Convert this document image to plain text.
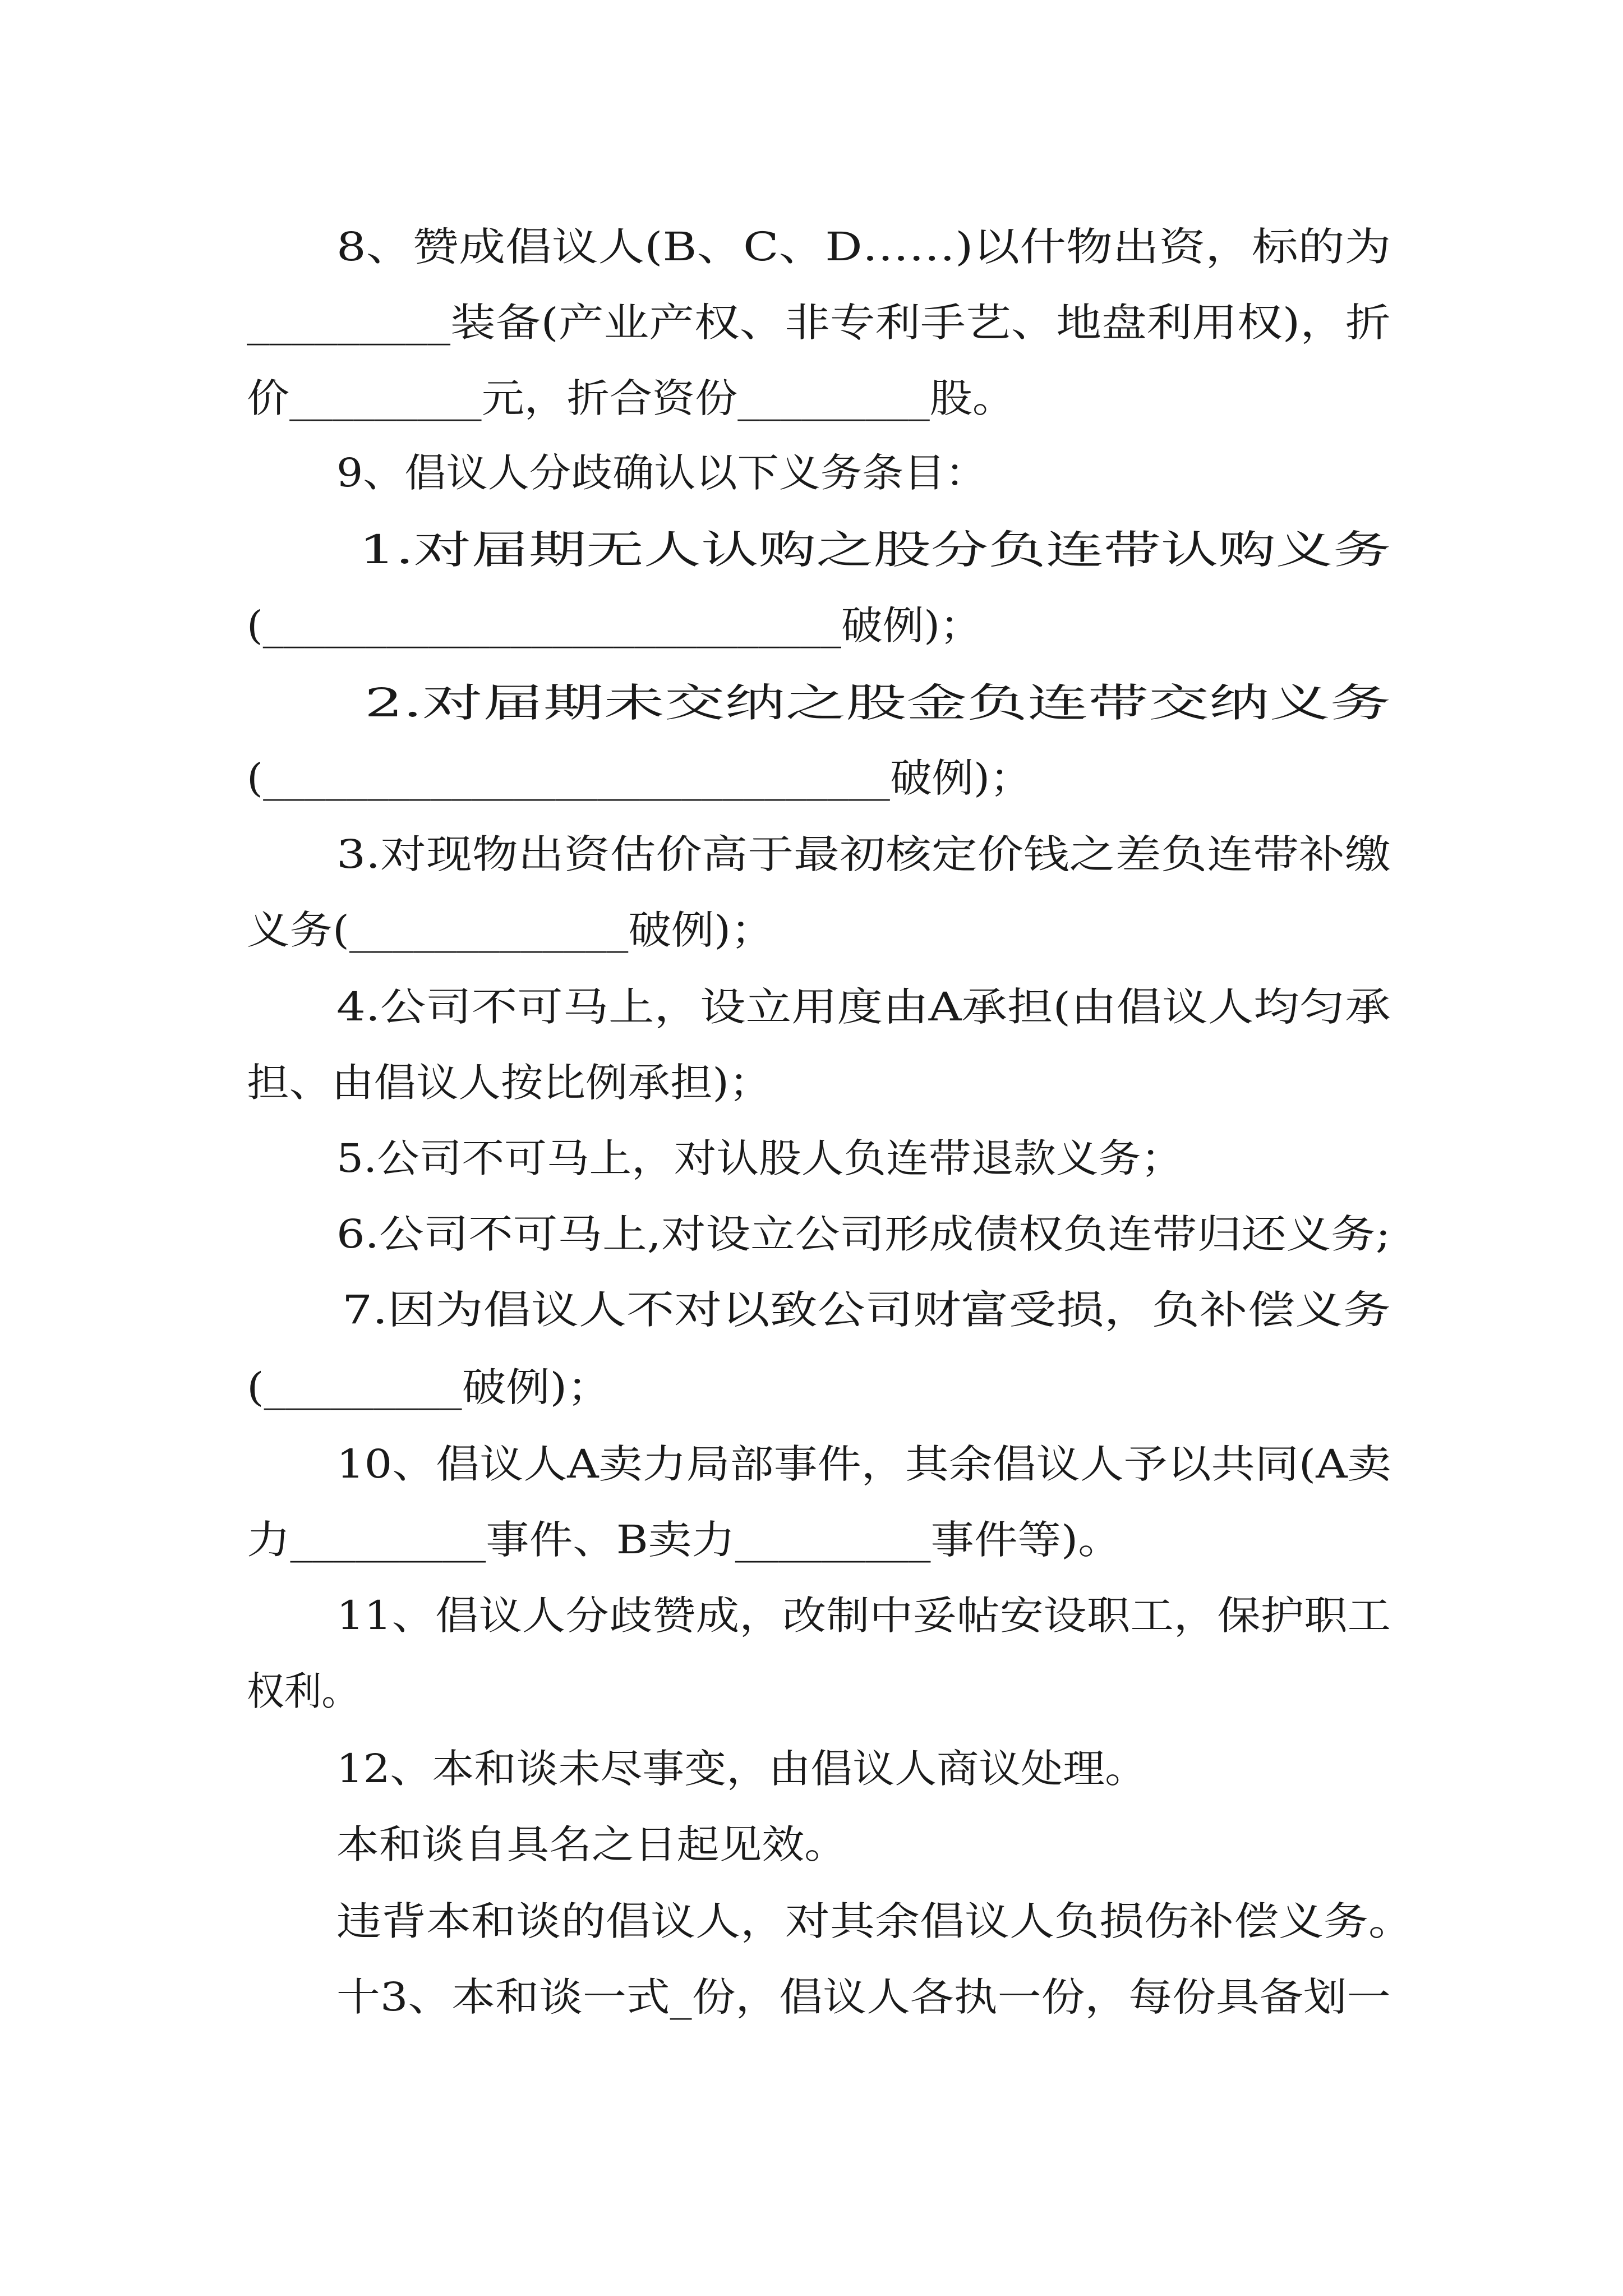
8、赞成倡议人(B、C、D……)以什物出资，标的为
_________装备(产业产权、非专利手艺、地盘利用权)，折
价_________元，折合资份_________股。
9、倡议人分歧确认以下义务条目：
1.对届期无人认购之股分负连带认购义务
(____________________________破例)；
2.对届期未交纳之股金负连带交纳义务
(______________________________破例)；
3.对现物出资估价高于最初核定价钱之差负连带补缴
义务(_____________破例)；
4.公司不可马上，设立用度由A承担(由倡议人均匀承
担、由倡议人按比例承担)；
5.公司不可马上，对认股人负连带退款义务；
6.公司不可马上,对设立公司形成债权负连带归还义务;
7.因为倡议人不对以致公司财富受损，负补偿义务
(_________破例)；
10、倡议人A卖力局部事件，其余倡议人予以共同(A卖
力_________事件、B卖力_________事件等)。
11、倡议人分歧赞成，改制中妥帖安设职工，保护职工
权利。
12、本和谈未尽事变，由倡议人商议处理。
本和谈自具名之日起见效。
违背本和谈的倡议人，对其余倡议人负损伤补偿义务。
十3、本和谈一式_份，倡议人各执一份，每份具备划一
